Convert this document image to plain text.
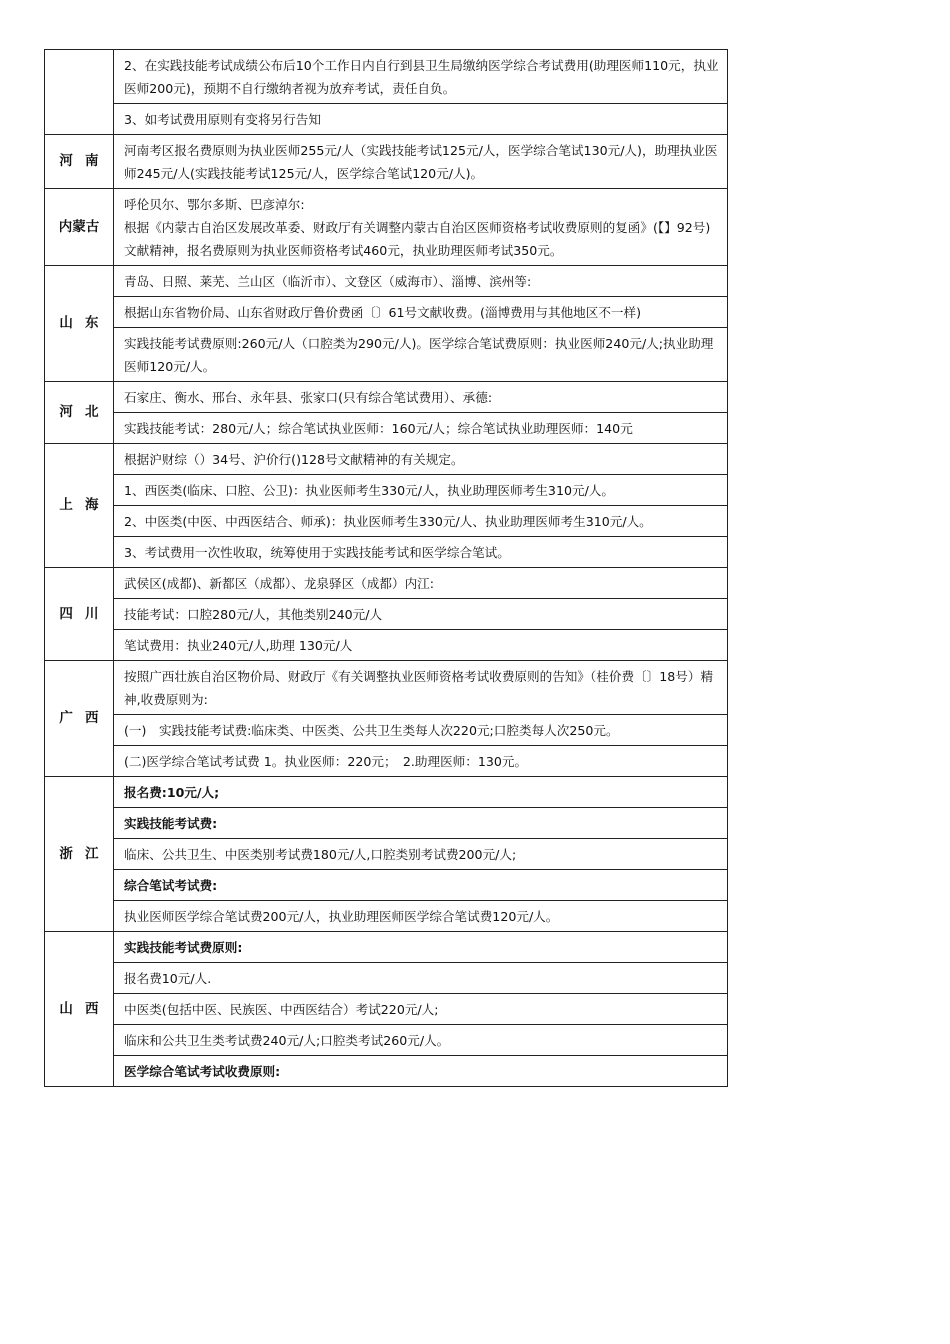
	2、在实践技能考试成绩公布后10个工作日内自行到县卫生局缴纳医学综合考试费用(助理医师110元，执业医师200元)，预期不自行缴纳者视为放弃考试，责任自负。
	3、如考试费用原则有变将另行告知
河南	河南考区报名费原则为执业医师255元/人（实践技能考试125元/人，医学综合笔试130元/人)，助理执业医师245元/人(实践技能考试125元/人，医学综合笔试120元/人)。
内蒙古	呼伦贝尔、鄂尔多斯、巴彦淖尔:
根据《内蒙古自治区发展改革委、财政厅有关调整内蒙古自治区医师资格考试收费原则的复函》(【】92号)文献精神，报名费原则为执业医师资格考试460元，执业助理医师考试350元。
山东	青岛、日照、莱芜、兰山区（临沂市）、文登区（威海市）、淄博、滨州等:
	根据山东省物价局、山东省财政厅鲁价费函〔〕61号文献收费。(淄博费用与其他地区不一样)
	实践技能考试费原则:260元/人（口腔类为290元/人)。医学综合笔试费原则：执业医师240元/人;执业助理医师120元/人。
河北	石家庄、衡水、邢台、永年县、张家口(只有综合笔试费用）、承德:
	实践技能考试：280元/人；综合笔试执业医师：160元/人；综合笔试执业助理医师：140元
上海	根据沪财综（）34号、沪价行()128号文献精神的有关规定。
	1、西医类(临床、口腔、公卫)：执业医师考生330元/人，执业助理医师考生310元/人。
	2、中医类(中医、中西医结合、师承)：执业医师考生330元/人、执业助理医师考生310元/人。
	3、考试费用一次性收取，统筹使用于实践技能考试和医学综合笔试。
四川	武侯区(成都)、新都区（成都）、龙泉驿区（成都）内江:
	技能考试：口腔280元/人，其他类别240元/人
	笔试费用：执业240元/人,助理 130元/人
广西	按照广西壮族自治区物价局、财政厅《有关调整执业医师资格考试收费原则的告知》（桂价费〔〕18号）精神,收费原则为:
	(一)　实践技能考试费:临床类、中医类、公共卫生类每人次220元;口腔类每人次250元。
	(二)医学综合笔试考试费 1。执业医师：220元；　2.助理医师：130元。
浙江	报名费:10元/人;
	实践技能考试费:
	临床、公共卫生、中医类别考试费180元/人,口腔类别考试费200元/人;
	综合笔试考试费:
	执业医师医学综合笔试费200元/人，执业助理医师医学综合笔试费120元/人。
山西	实践技能考试费原则:
	报名费10元/人.
	中医类(包括中医、民族医、中西医结合）考试220元/人;
	临床和公共卫生类考试费240元/人;口腔类考试260元/人。
	医学综合笔试考试收费原则:
